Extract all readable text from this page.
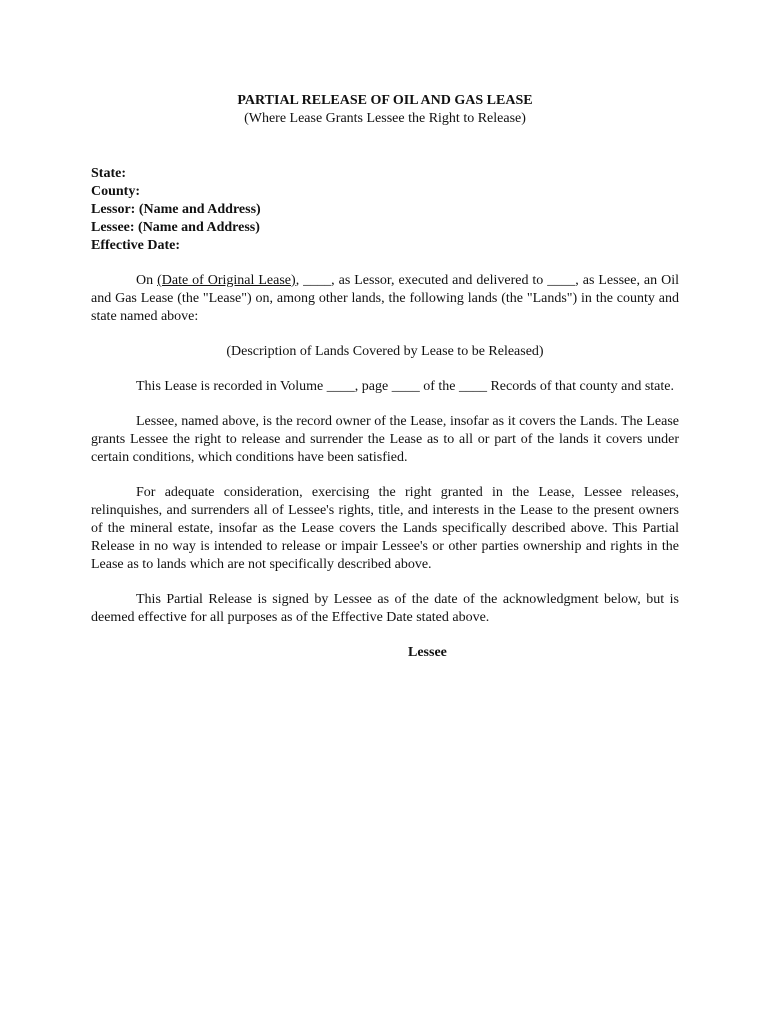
PARTIAL RELEASE OF OIL AND GAS LEASE
(Where Lease Grants Lessee the Right to Release)
State:
County:
Lessor: (Name and Address)
Lessee: (Name and Address)
Effective Date:

On (Date of Original Lease), ____, as Lessor, executed and delivered to ____, as Lessee, an Oil and Gas Lease (the "Lease") on, among other lands, the following lands (the "Lands") in the county and state named above:

(Description of Lands Covered by Lease to be Released)

This Lease is recorded in Volume ____, page ____ of the ____ Records of that county and state.

Lessee, named above, is the record owner of the Lease, insofar as it covers the Lands. The Lease grants Lessee the right to release and surrender the Lease as to all or part of the lands it covers under certain conditions, which conditions have been satisfied.

For adequate consideration, exercising the right granted in the Lease, Lessee releases, relinquishes, and surrenders all of Lessee's rights, title, and interests in the Lease to the present owners of the mineral estate, insofar as the Lease covers the Lands specifically described above. This Partial Release in no way is intended to release or impair Lessee's or other parties ownership and rights in the Lease as to lands which are not specifically described above.

This Partial Release is signed by Lessee as of the date of the acknowledgment below, but is deemed effective for all purposes as of the Effective Date stated above.

Lessee
